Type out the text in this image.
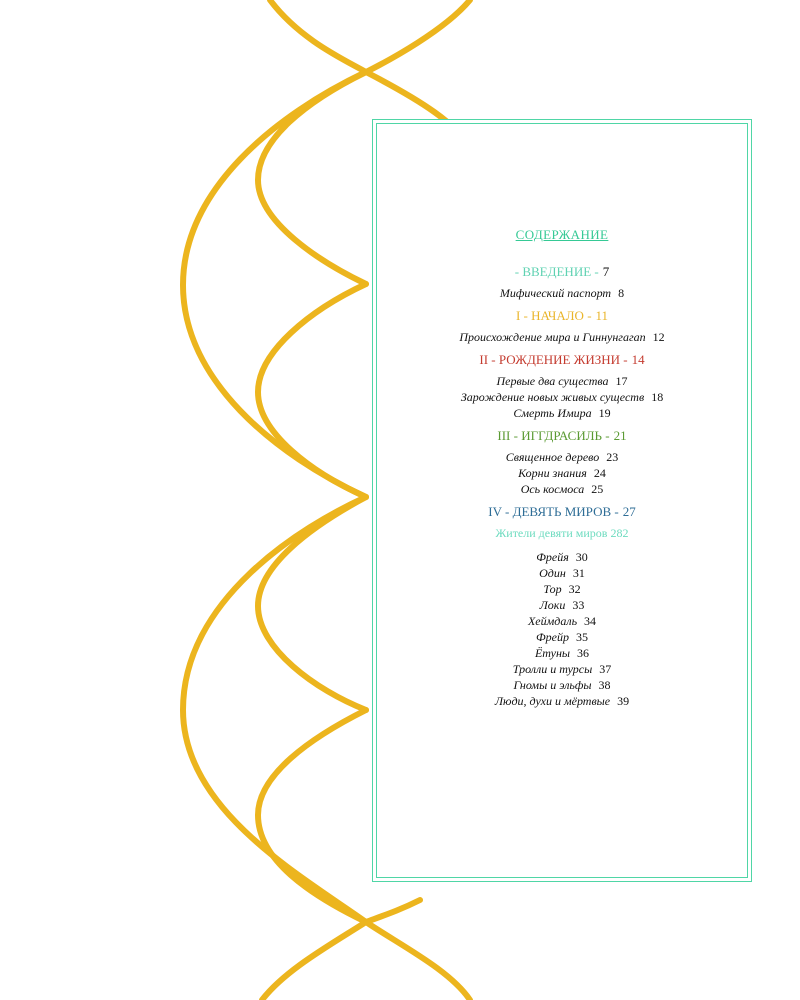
СОДЕРЖАНИЕ
- ВВЕДЕНИЕ - 7
Мифический паспорт 8
I - НАЧАЛО - 11
Происхождение мира и Гиннунгагап 12
II - РОЖДЕНИЕ ЖИЗНИ - 14
Первые два существа 17
Зарождение новых живых существ 18
Смерть Имира 19
III - ИГГДРАСИЛЬ - 21
Священное дерево 23
Корни знания 24
Ось космоса 25
IV - ДЕВЯТЬ МИРОВ - 27
Жители девяти миров 282
Фрейя 30
Один 31
Тор 32
Локи 33
Хеймдаль 34
Фрейр 35
Ётуны 36
Тролли и турсы 37
Гномы и эльфы 38
Люди, духи и мёртвые 39
